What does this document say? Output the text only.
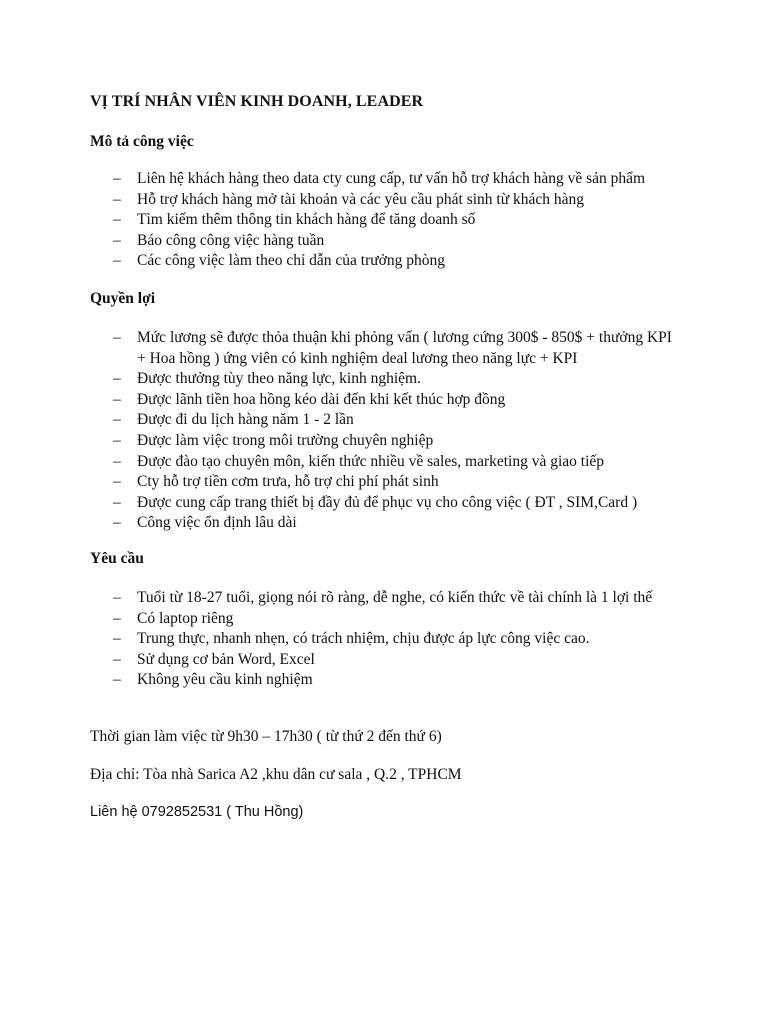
VỊ TRÍ NHÂN VIÊN KINH DOANH, LEADER
Mô tả công việc
– Liên hệ khách hàng theo data cty cung cấp, tư vấn hỗ trợ khách hàng về sản phẩm
– Hỗ trợ khách hàng mở tài khoản và các yêu cầu phát sinh từ khách hàng
– Tìm kiếm thêm thông tin khách hàng để tăng doanh số
– Báo công công việc hàng tuần
– Các công việc làm theo chỉ dẫn của trưởng phòng
Quyền lợi
– Mức lương sẽ được thỏa thuận khi phỏng vấn ( lương cứng 300$ - 850$ + thưởng KPI + Hoa hồng ) ứng viên có kinh nghiệm deal lương theo năng lực + KPI
– Được thưởng tùy theo năng lực, kinh nghiệm.
– Được lãnh tiền hoa hồng kéo dài đến khi kết thúc hợp đồng
– Được đi du lịch hàng năm 1 - 2 lần
– Được làm việc trong môi trường chuyên nghiệp
– Được đào tạo chuyên môn, kiến thức nhiều về sales, marketing và giao tiếp
– Cty hỗ trợ tiền cơm trưa, hỗ trợ chi phí phát sinh
– Được cung cấp trang thiết bị đầy đủ để phục vụ cho công việc ( ĐT , SIM,Card )
– Công việc ổn định lâu dài
Yêu cầu
– Tuổi từ 18-27 tuổi, giọng nói rõ ràng, dễ nghe, có kiến thức về tài chính là 1 lợi thế
– Có laptop riêng
– Trung thực, nhanh nhẹn, có trách nhiệm, chịu được áp lực công việc cao.
– Sử dụng cơ bản Word, Excel
– Không yêu cầu kinh nghiệm

Thời gian làm việc từ 9h30 – 17h30 ( từ thứ 2 đến thứ 6)

Địa chỉ: Tòa nhà Sarica A2 ,khu dân cư sala , Q.2 , TPHCM

Liên hệ 0792852531 ( Thu Hồng)
